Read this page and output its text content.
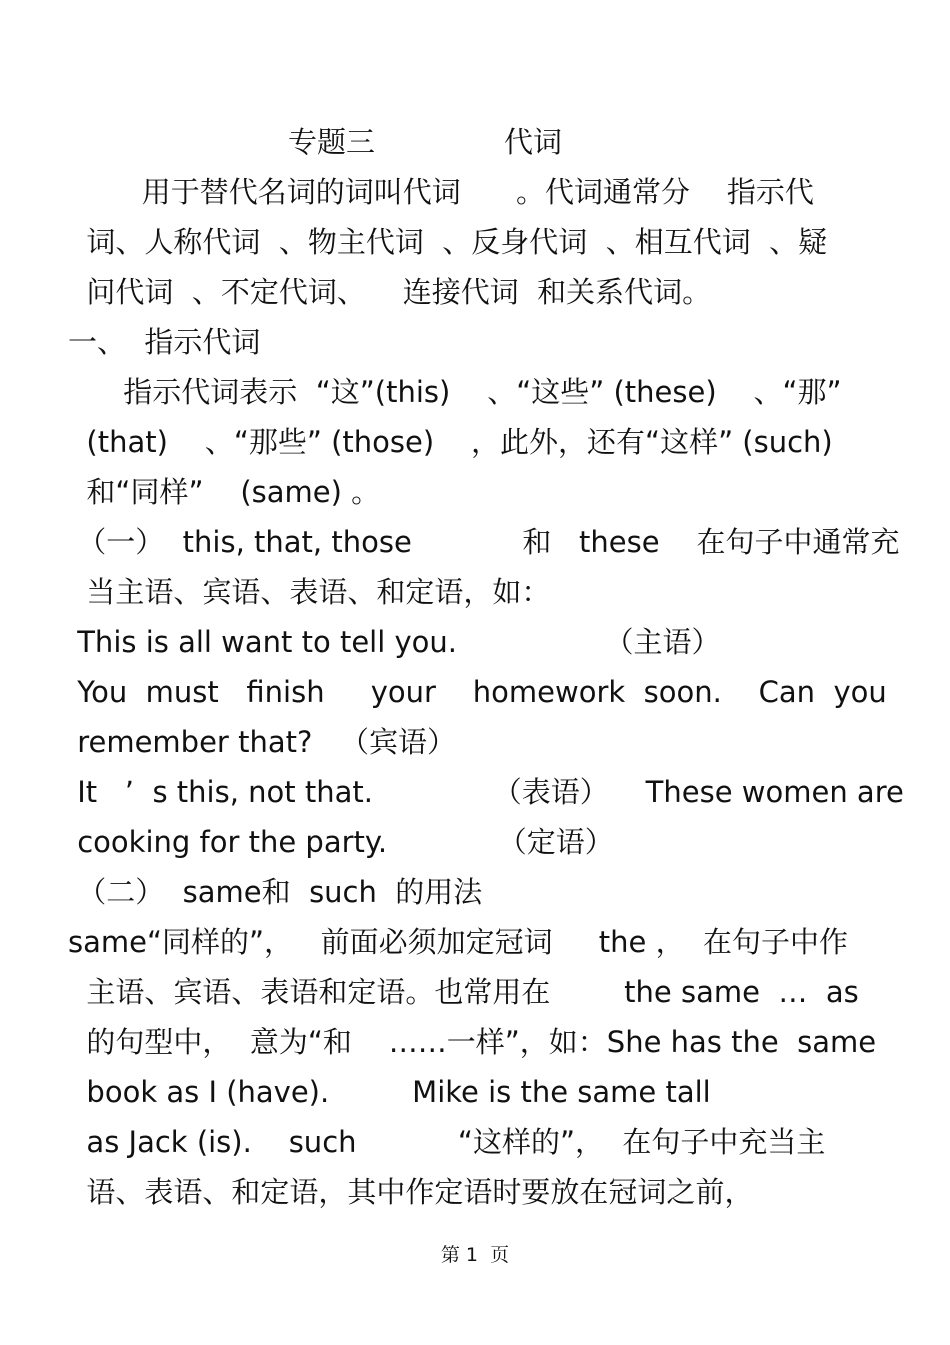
专题三              代词
用于替代名词的词叫代词      。代词通常分    指示代
词、人称代词  、物主代词  、反身代词  、相互代词  、疑
问代词  、不定代词、    连接代词  和关系代词。
一、  指示代词
指示代词表示  “这”(this)    、“这些” (these)    、“那”
(that)    、“那些” (those)    ，此外，还有“这样” (such)
和“同样”    (same) 。
（一）  this, that, those            和   these    在句子中通常充
当主语、宾语、表语、和定语，如：
This is all want to tell you.                （主语）
You  must   finish     your    homework  soon.    Can  you
remember that?   （宾语）
It   ’  s this, not that.             （表语）    These women are
cooking for the party.            （定语）
（二）  same和  such  的用法
same“同样的”，   前面必须加定冠词     the ，  在句子中作
主语、宾语、表语和定语。也常用在        the same  …  as
的句型中，  意为“和    ……一样”，如：She has the  same
book as I (have).         Mike is the same tall
as Jack (is).    such           “这样的”，  在句子中充当主
语、表语、和定语，其中作定语时要放在冠词之前，
第 1  页
